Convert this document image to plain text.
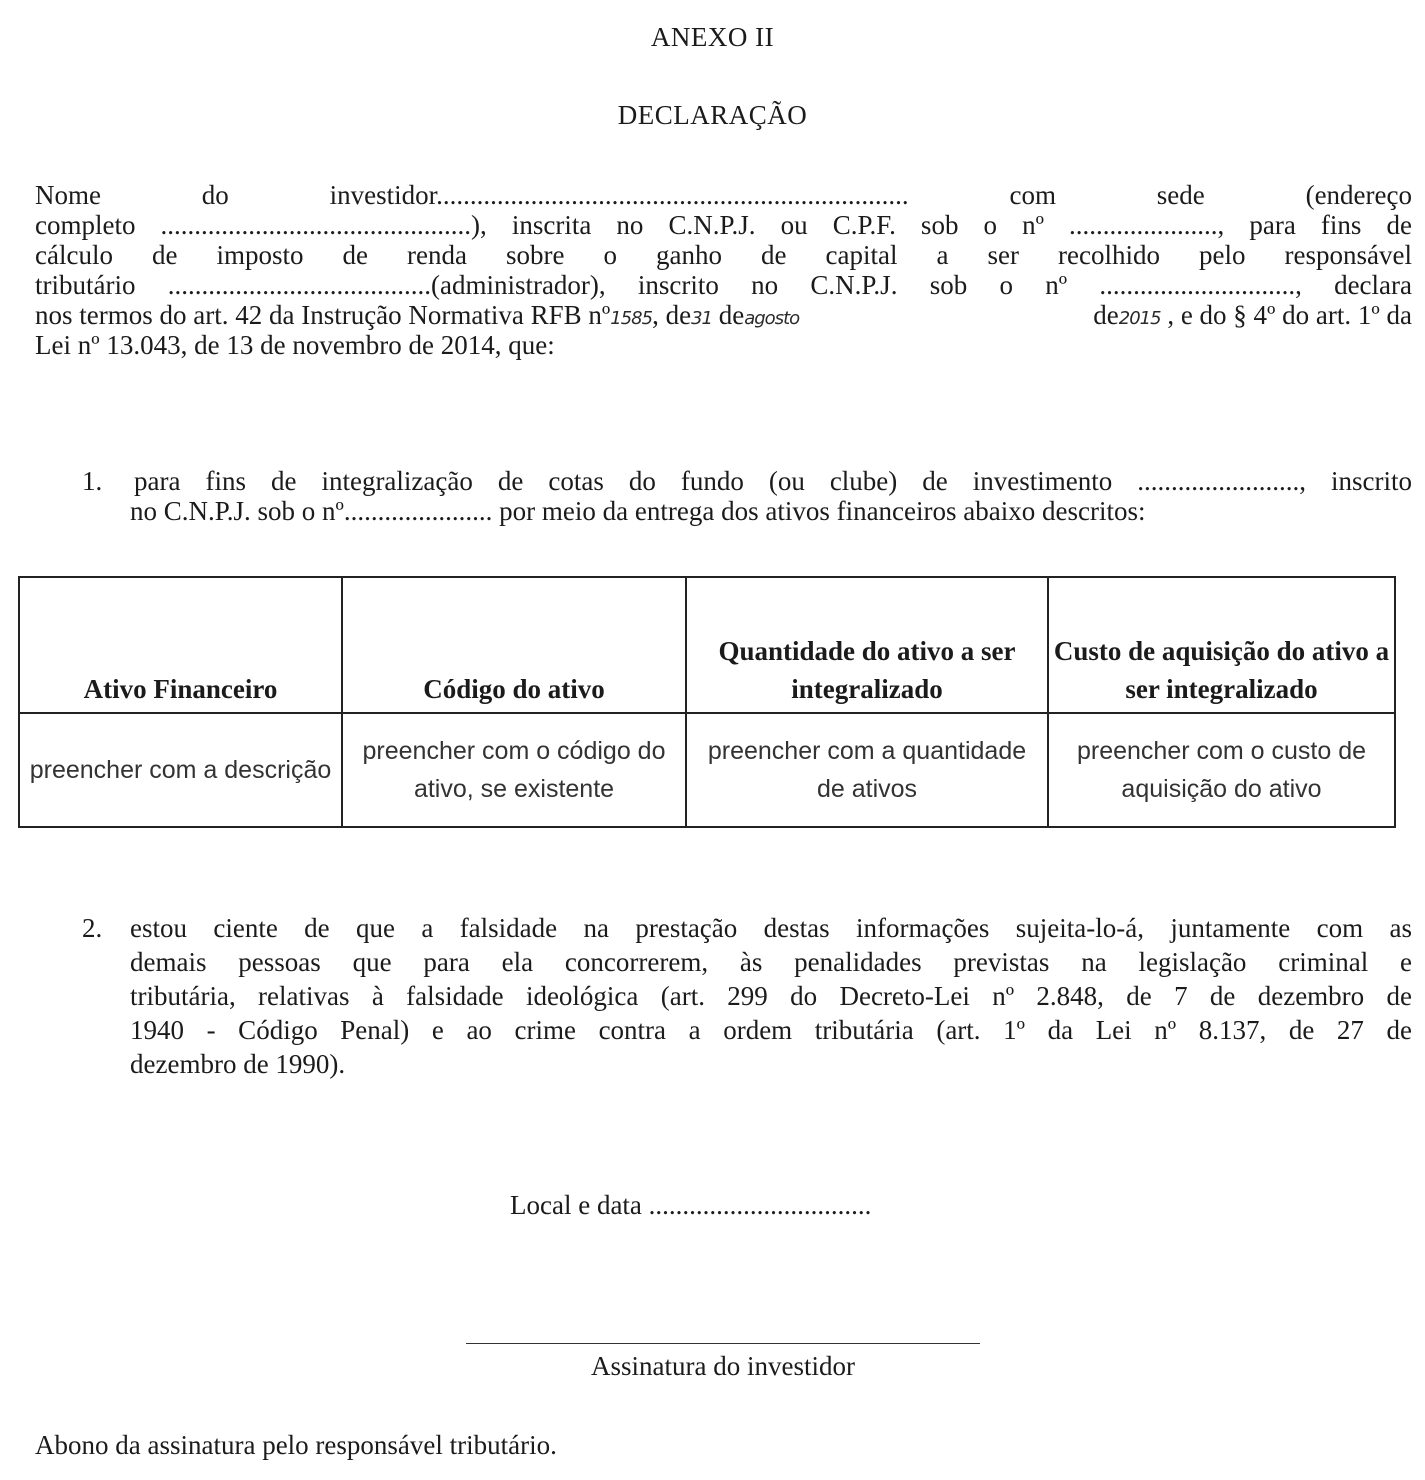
ANEXO II
DECLARAÇÃO
Nome do investidor...................................................................... com sede (endereço
completo ..............................................), inscrita no C.N.P.J. ou C.P.F. sob o nº ......................, para fins de
cálculo de imposto de renda sobre o ganho de capital a ser recolhido pelo responsável
tributário .......................................(administrador), inscrito no C.N.P.J. sob o nº ............................., declara
nos termos do art. 42 da Instrução Normativa RFB nº1585, de31 deagosto	de2015 , e do § 4º do art. 1º da
Lei nº 13.043, de 13 de novembro de 2014, que:
1.	para fins de integralização de cotas do fundo (ou clube) de investimento ........................, inscrito
no C.N.P.J. sob o nº...................... por meio da entrega dos ativos financeiros abaixo descritos:
Ativo Financeiro	Código do ativo	Quantidade do ativo a ser integralizado	Custo de aquisição do ativo a ser integralizado
preencher com a descrição	preencher com o código do ativo, se existente	preencher com a quantidade de ativos	preencher com o custo de aquisição do ativo
2. estou ciente de que a falsidade na prestação destas informações sujeita-lo-á, juntamente com as
demais pessoas que para ela concorrerem, às penalidades previstas na legislação criminal e
tributária, relativas à falsidade ideológica (art. 299 do Decreto-Lei nº 2.848, de 7 de dezembro de
1940 - Código Penal) e ao crime contra a ordem tributária (art. 1º da Lei nº 8.137, de 27 de
dezembro de 1990).
Local e data .................................
Assinatura do investidor
Abono da assinatura pelo responsável tributário.
